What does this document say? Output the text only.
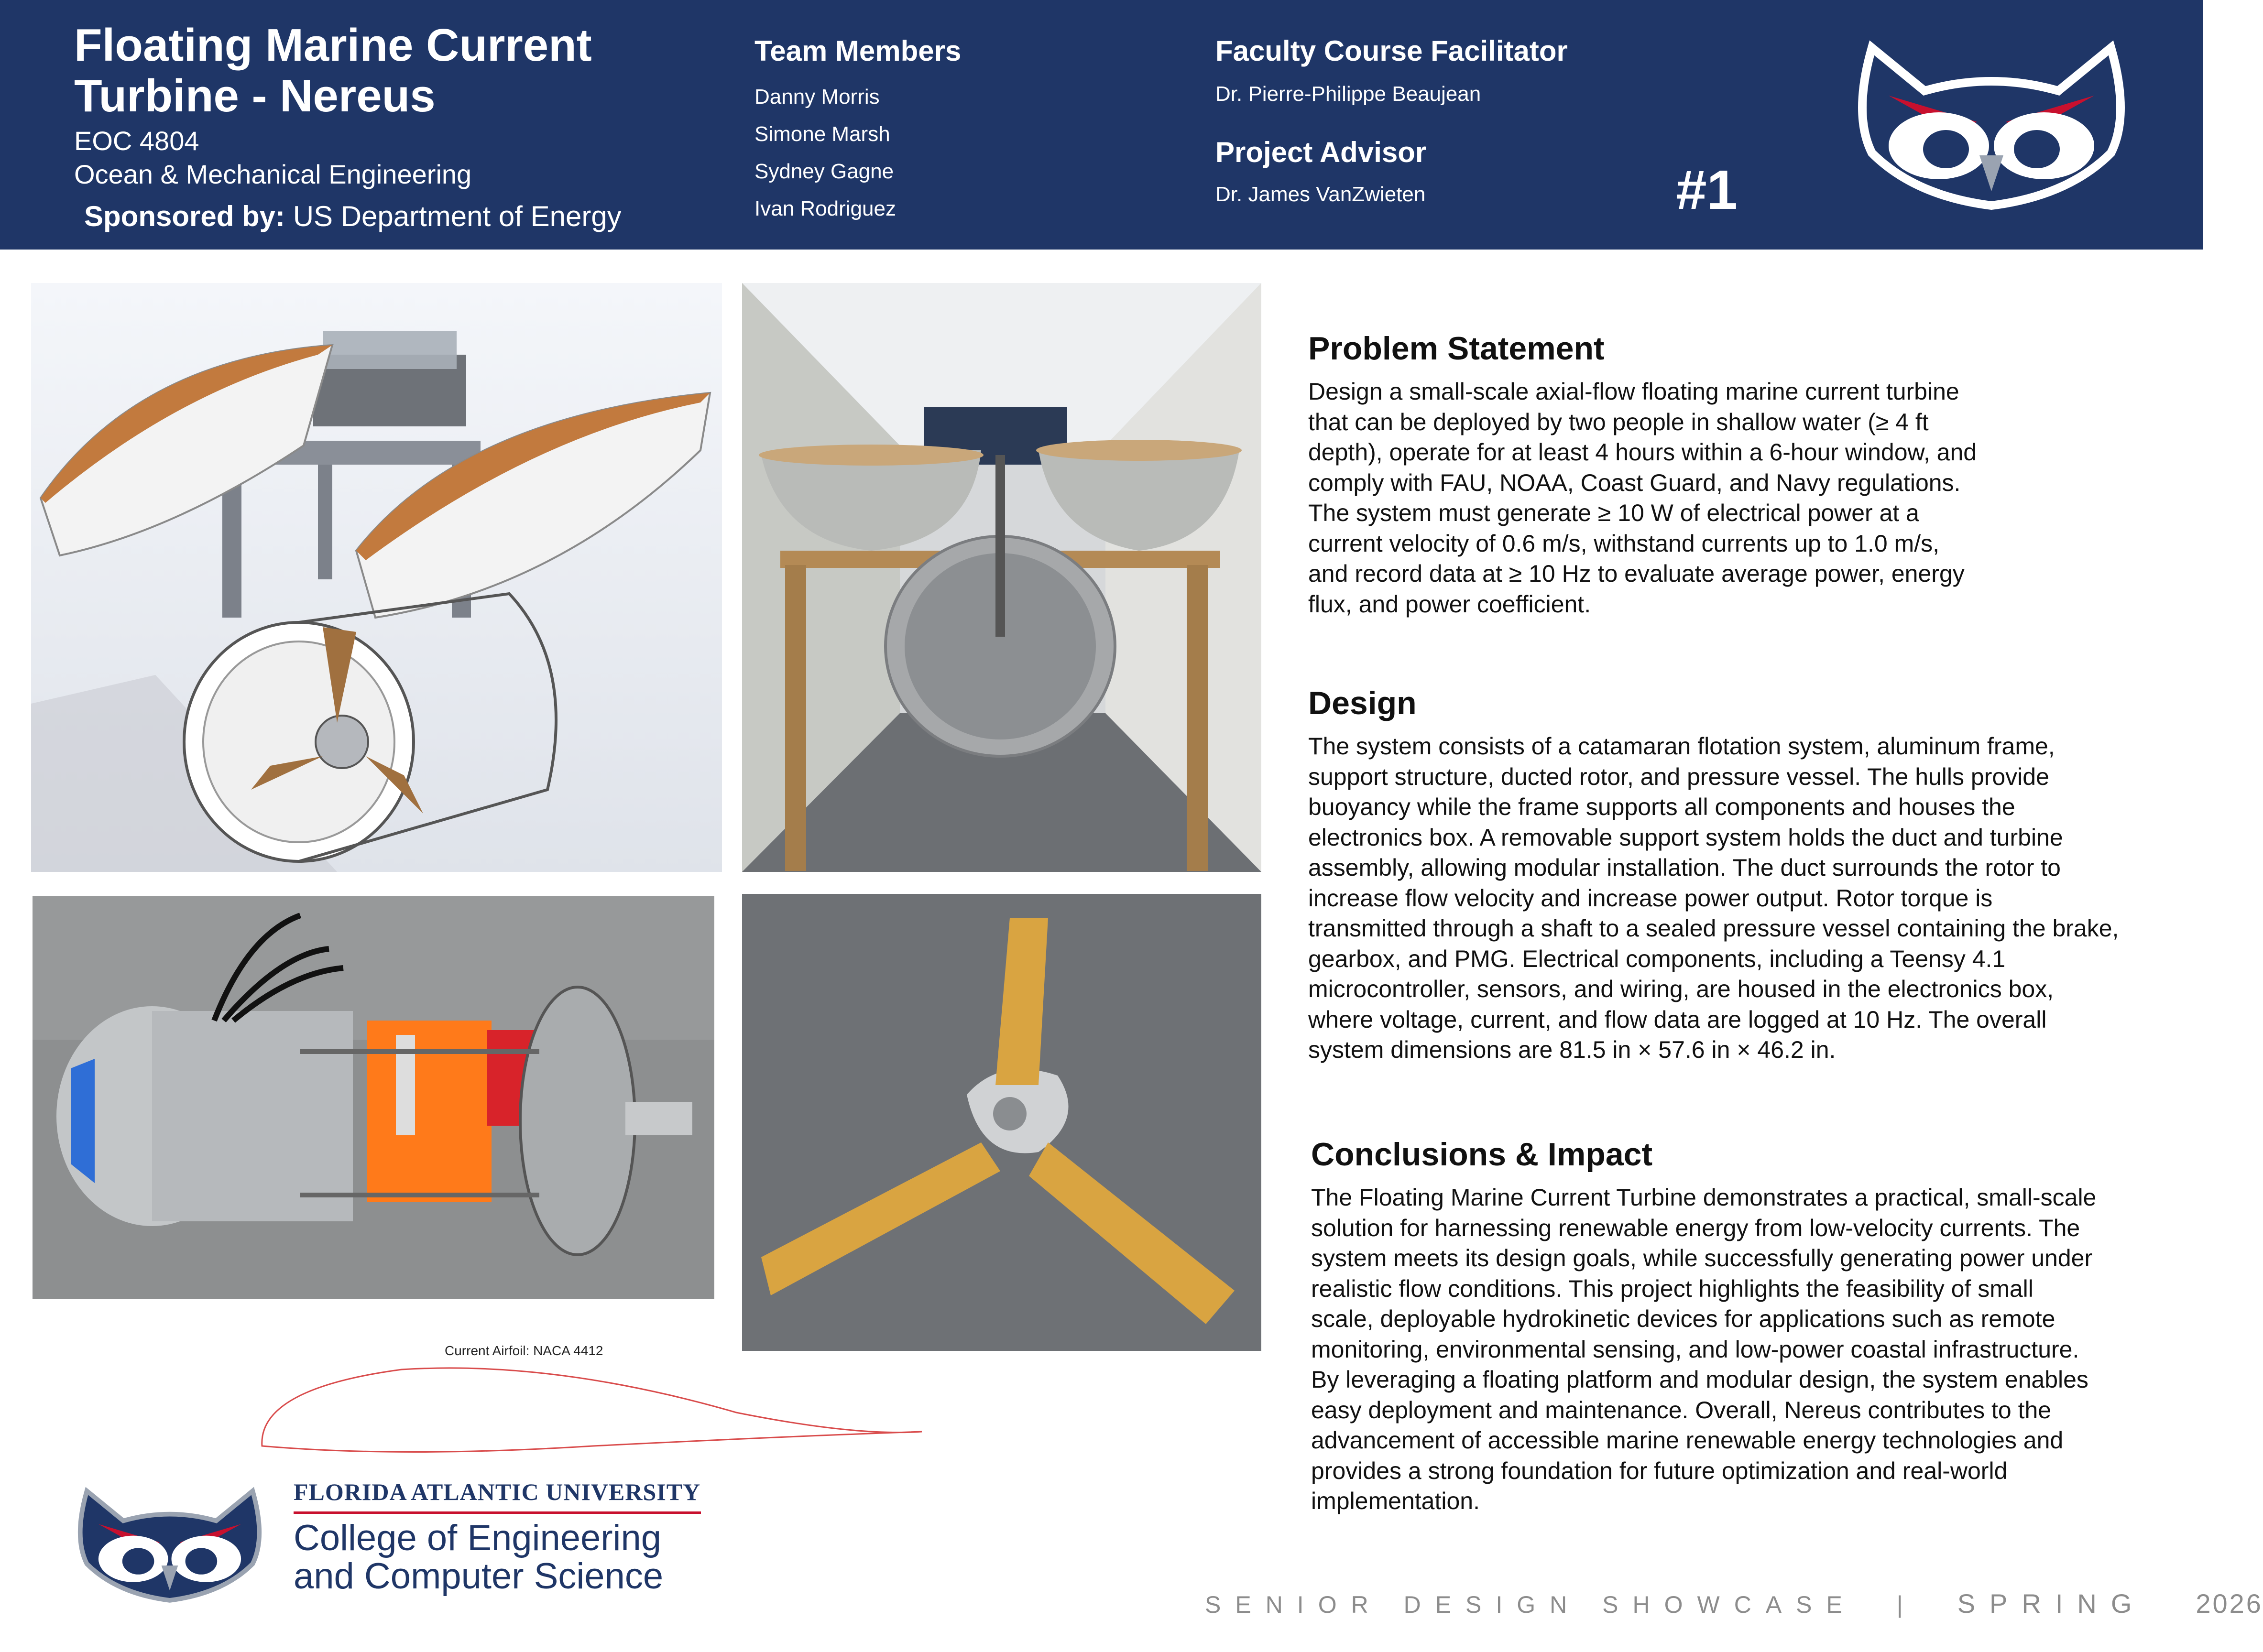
Floating Marine Current
Turbine - Nereus
EOC 4804
Ocean & Mechanical Engineering
Sponsored by: US Department of Energy
Team Members
Danny Morris
Simone Marsh
Sydney Gagne
Ivan Rodriguez
Faculty Course Facilitator
Dr. Pierre-Philippe Beaujean
Project Advisor
Dr. James VanZwieten	#1
Current Airfoil: NACA 4412
Problem Statement
Design a small-scale axial-flow floating marine current turbine
that can be deployed by two people in shallow water (≥ 4 ft
depth), operate for at least 4 hours within a 6-hour window, and
comply with FAU, NOAA, Coast Guard, and Navy regulations.
The system must generate ≥ 10 W of electrical power at a
current velocity of 0.6 m/s, withstand currents up to 1.0 m/s,
and record data at ≥ 10 Hz to evaluate average power, energy
flux, and power coefficient.
Design
The system consists of a catamaran flotation system, aluminum frame,
support structure, ducted rotor, and pressure vessel. The hulls provide
buoyancy while the frame supports all components and houses the
electronics box. A removable support system holds the duct and turbine
assembly, allowing modular installation. The duct surrounds the rotor to
increase flow velocity and increase power output. Rotor torque is
transmitted through a shaft to a sealed pressure vessel containing the brake,
gearbox, and PMG. Electrical components, including a Teensy 4.1
microcontroller, sensors, and wiring, are housed in the electronics box,
where voltage, current, and flow data are logged at 10 Hz. The overall
system dimensions are 81.5 in × 57.6 in × 46.2 in.
Conclusions & Impact
The Floating Marine Current Turbine demonstrates a practical, small-scale
solution for harnessing renewable energy from low-velocity currents. The
system meets its design goals, while successfully generating power under
realistic flow conditions. This project highlights the feasibility of small
scale, deployable hydrokinetic devices for applications such as remote
monitoring, environmental sensing, and low-power coastal infrastructure.
By leveraging a floating platform and modular design, the system enables
easy deployment and maintenance. Overall, Nereus contributes to the
advancement of accessible marine renewable energy technologies and
provides a strong foundation for future optimization and real-world
implementation.
FLORIDA ATLANTIC UNIVERSITY
College of Engineering
and Computer Science
SENIOR DESIGN SHOWCASE | SPRING 2026
